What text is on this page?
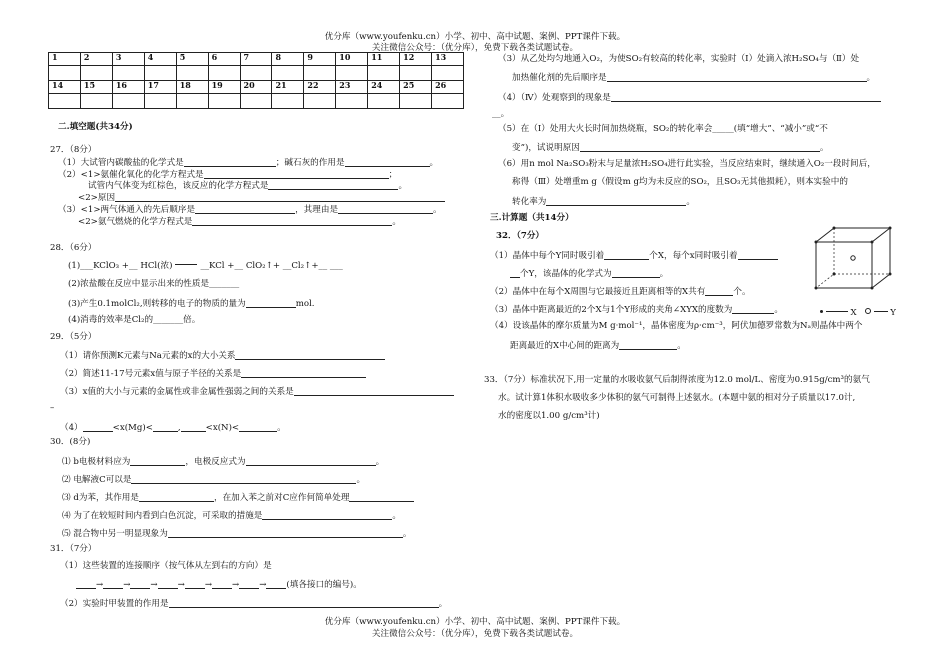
优分库（www.youfenku.cn）小学、初中、高中试题、案例、PPT课件下载。
关注微信公众号：（优分库），免费下载各类试题试卷。
1	2	3	4	5	6	7	8	9	10	11	12	13

14	15	16	17	18	19	20	21	22	23	24	25	26

二.填空题(共34分)
27．（8分）
（1）大试管内碳酸盐的化学式是	；碱石灰的作用是	。
（2）<1>氨催化氧化的化学方程式是	；
试管内气体变为红棕色，该反应的化学方程式是	。
<2>原因
（3）<1>两气体通入的先后顺序是	，其理由是	。
<2>氨气燃烧的化学方程式是	。
28．（6分）
(1)___KClO₃ +__ HCl(浓)	__KCl +__ ClO₂↑+ __Cl₂↑+__ ___
(2)浓盐酸在反应中显示出来的性质是_______
(3)产生0.1molCl₂,则转移的电子的物质的量为	mol.
(4)消毒的效率是Cl₂的_______倍。
29．（5分）
（1）请你预测K元素与Na元素的x的大小关系
（2）简述11-17号元素x值与原子半径的关系是
（3）x值的大小与元素的金属性或非金属性强弱之间的关系是
–
（4）	<x(Mg)<	,	<x(N)<	。
30．(8分)
⑴ b电极材料应为	，电极反应式为	。
⑵ 电解液C可以是	。
⑶ d为苯，其作用是	，在加入苯之前对C应作何简单处理
⑷ 为了在较短时间内看到白色沉淀，可采取的措施是	。
⑸ 混合物中另一明显现象为	。
31．（7分）
（1）这些装置的连接顺序（按气体从左到右的方向）是
→ → → → → → → (填各接口的编号)。
（2）实验时甲装置的作用是	。
（3）从乙处均匀地通入O₂，为使SO₂有较高的转化率，实验时（Ⅰ）处滴入浓H₂SO₄与（Ⅱ）处
加热催化剂的先后顺序是	。
（4）（Ⅳ）处观察到的现象是
__。
（5）在（Ⅰ）处用大火长时间加热烧瓶，SO₂的转化率会_____(填“增大”、“减小”或“不
变”)，试说明原因	。
（6）用n mol Na₂SO₃粉末与足量浓H₂SO₄进行此实验，当反应结束时，继续通入O₂一段时间后，
称得（Ⅲ）处增重m g（假设m g均为未反应的SO₂，且SO₃无其他损耗），则本实验中的
转化率为	。
三.计算题（共14分）
32．（7分）
（1）晶体中每个Y同时吸引着	个X，每个x同时吸引着
个Y，该晶体的化学式为	。
（2）晶体中在每个X周围与它最接近且距离相等的X共有	个。
（3）晶体中距离最近的2个X与1个Y形成的夹角∠XYX的度数为	。
（4）设该晶体的摩尔质量为M g·mol⁻¹，晶体密度为ρ·cm⁻³，阿伏加德罗常数为Nₐ则晶体中两个
距离最近的X中心间的距离为	。
X	Y
33．（7分）标准状况下,用一定量的水吸收氨气后制得浓度为12.0 mol/L、密度为0.915g/cm³的氨气
水。试计算1体积水吸收多少体积的氨气可制得上述氨水。(本题中氨的相对分子质量以17.0计,
水的密度以1.00 g/cm³计)
优分库（www.youfenku.cn）小学、初中、高中试题、案例、PPT课件下载。
关注微信公众号：（优分库），免费下载各类试题试卷。
